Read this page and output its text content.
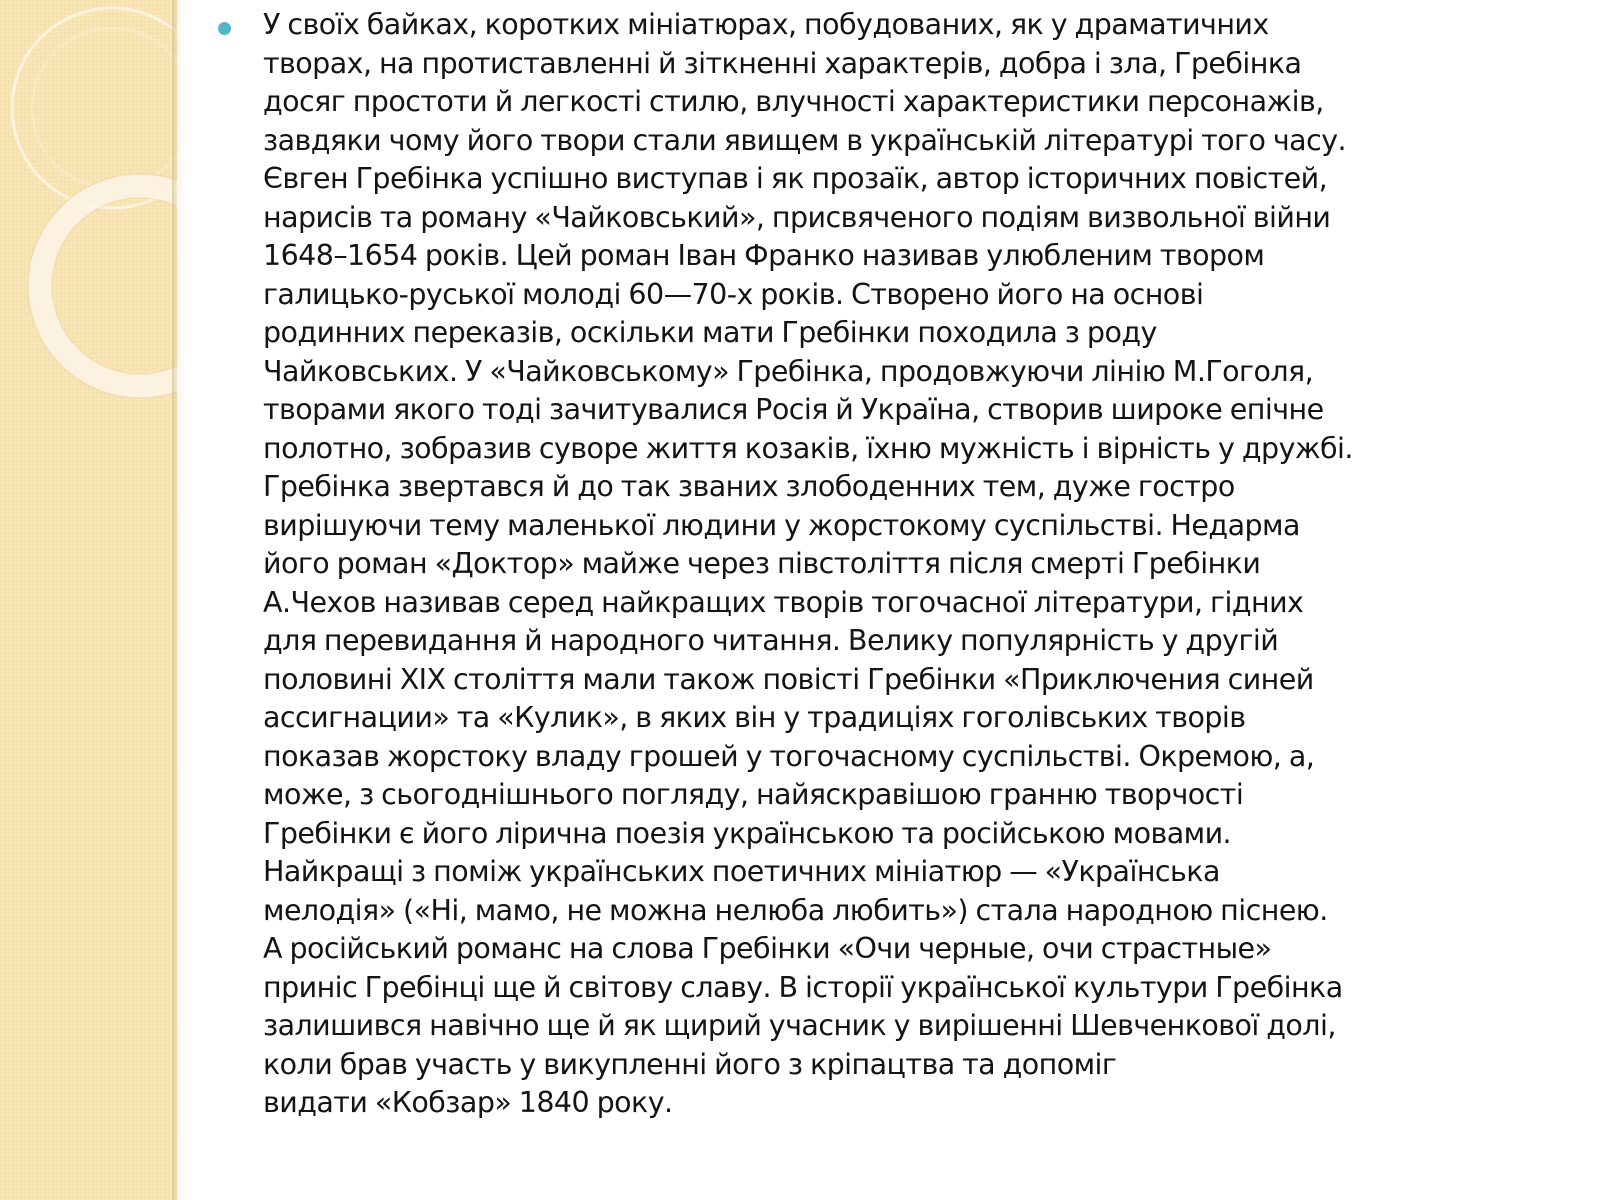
У своїх байках, коротких мініатюрах, побудованих, як у драматичних
творах, на протиставленні й зіткненні характерів, добра і зла, Гребінка
досяг простоти й легкості стилю, влучності характеристики персонажів,
завдяки чому його твори стали явищем в українській літературі того часу.
Євген Гребінка успішно виступав і як прозаїк, автор історичних повістей,
нарисів та роману «Чайковський», присвяченого подіям визвольної війни
1648–1654 років. Цей роман Іван Франко називав улюбленим твором
галицько-руської молоді 60—70-х років. Створено його на основі
родинних переказів, оскільки мати Гребінки походила з роду
Чайковських. У «Чайковському» Гребінка, продовжуючи лінію М.Гоголя,
творами якого тоді зачитувалися Росія й Україна, створив широке епічне
полотно, зобразив суворе життя козаків, їхню мужність і вірність у дружбі.
Гребінка звертався й до так званих злободенних тем, дуже гостро
вирішуючи тему маленької людини у жорстокому суспільстві. Недарма
його роман «Доктор» майже через півстоліття після смерті Гребінки
А.Чехов називав серед найкращих творів тогочасної літератури, гідних
для перевидання й народного читання. Велику популярність у другій
половині XIX століття мали також повісті Гребінки «Приключения синей
ассигнации» та «Кулик», в яких він у традиціях гоголівських творів
показав жорстоку владу грошей у тогочасному суспільстві. Окремою, а,
може, з сьогоднішнього погляду, найяскравішою гранню творчості
Гребінки є його лірична поезія українською та російською мовами.
Найкращі з поміж українських поетичних мініатюр — «Українська
мелодія» («Ні, мамо, не можна нелюба любить») стала народною піснею.
А російський романс на слова Гребінки «Очи черные, очи страстные»
приніс Гребінці ще й світову славу. В історії української культури Гребінка
залишився навічно ще й як щирий учасник у вирішенні Шевченкової долі,
коли брав участь у викупленні його з кріпацтва та допоміг
видати «Кобзар» 1840 року.
